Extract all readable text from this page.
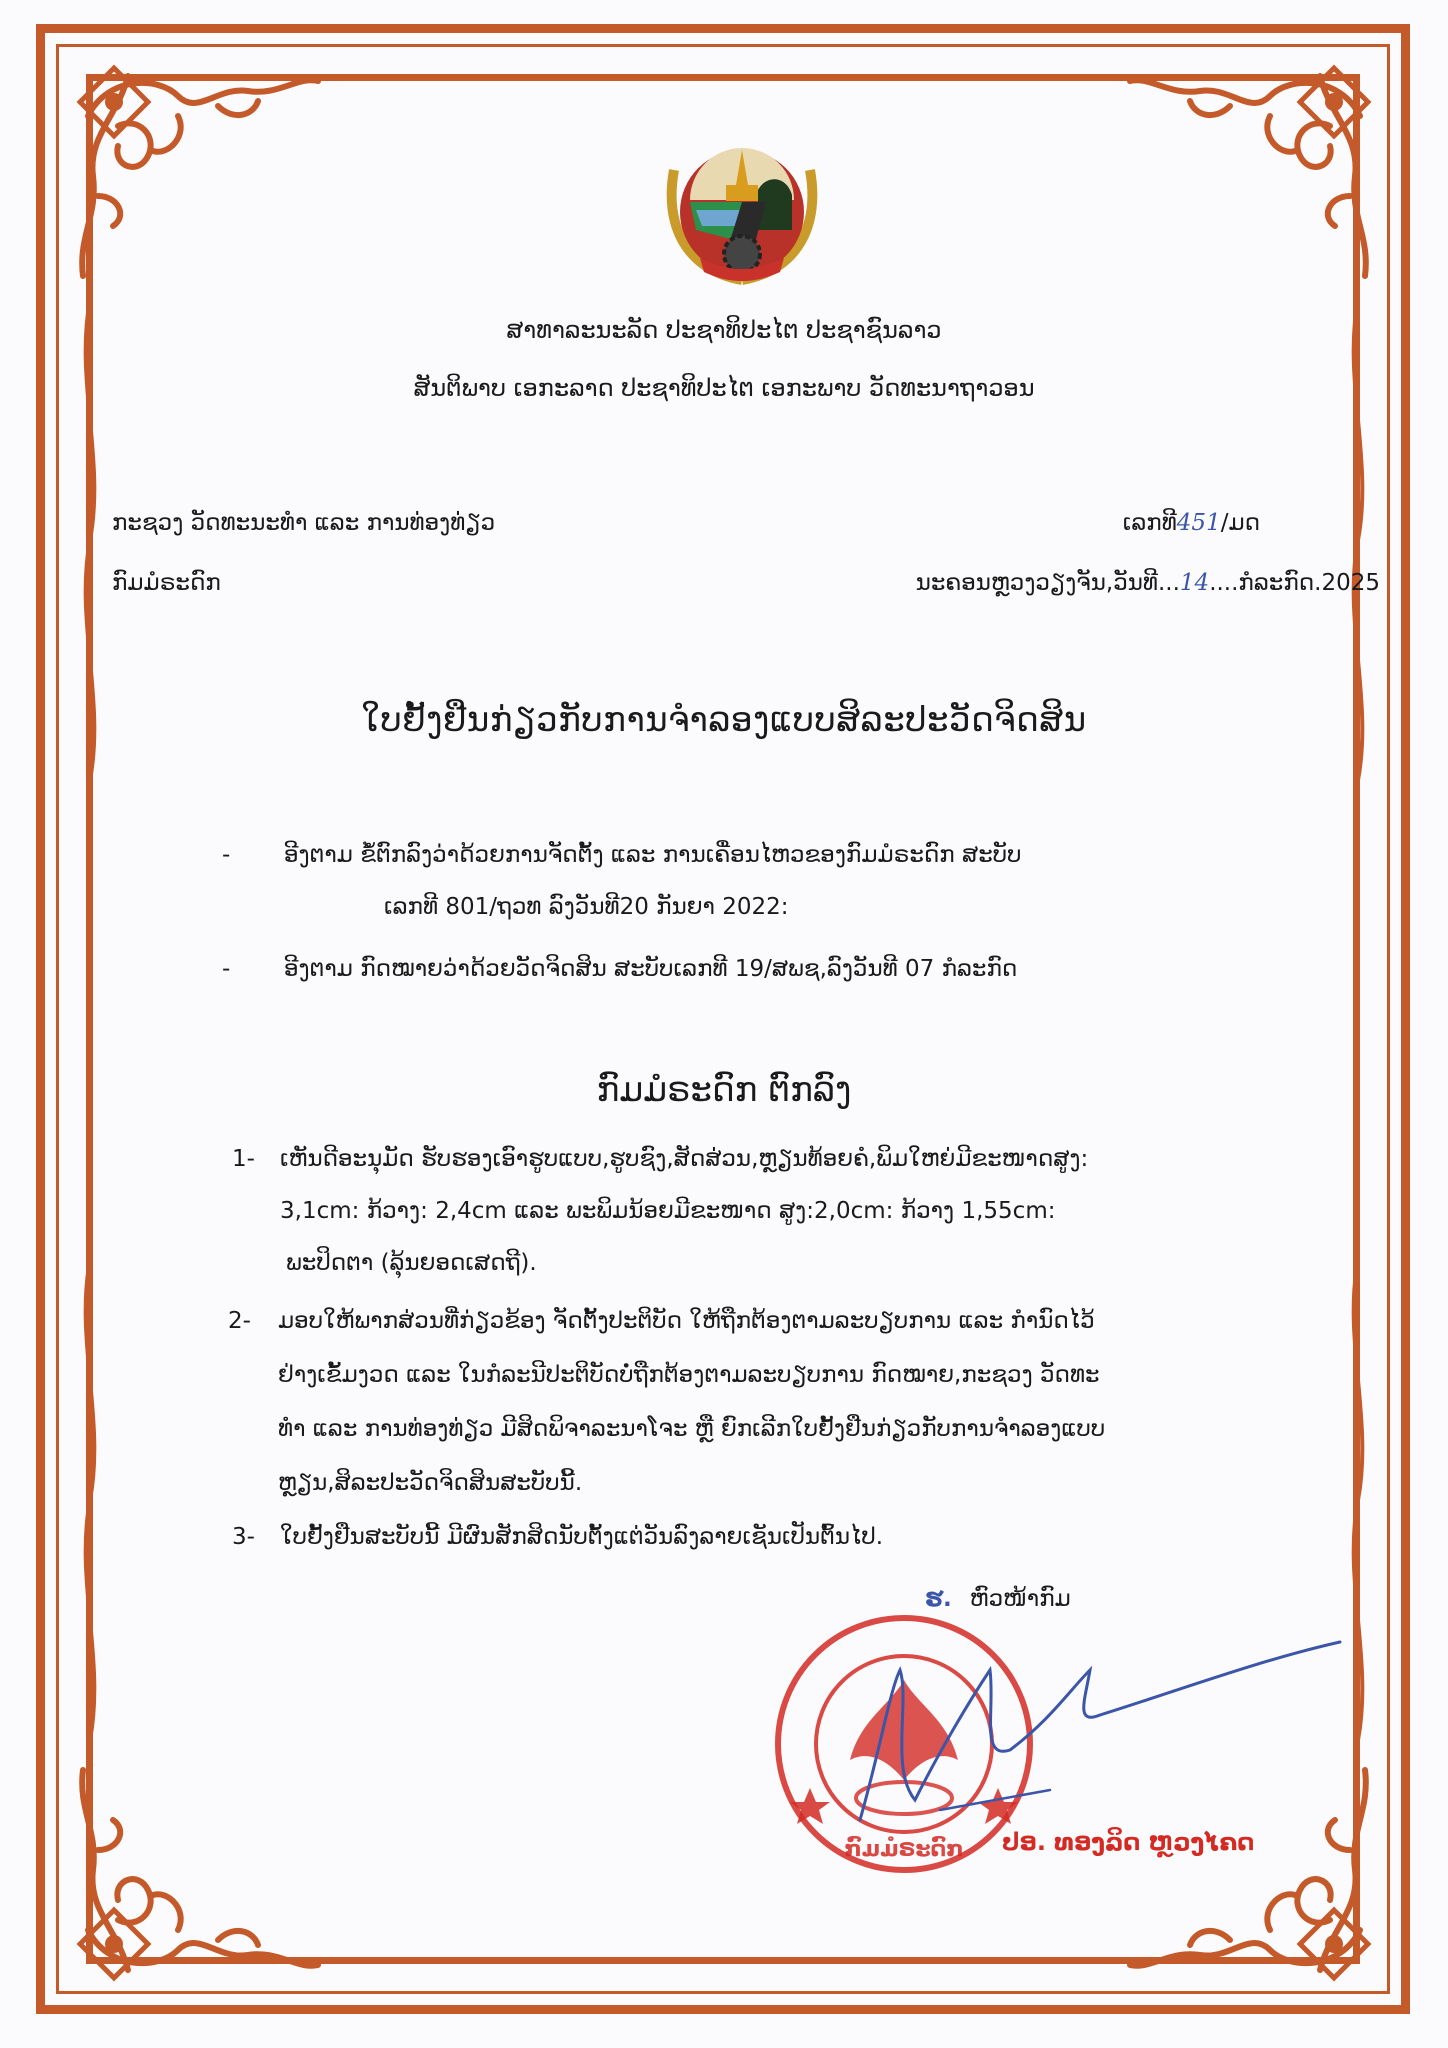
ສາທາລະນະລັດ ປະຊາທິປະໄຕ ປະຊາຊົນລາວ
ສັນຕິພາບ ເອກະລາດ ປະຊາທິປະໄຕ ເອກະພາບ ວັດທະນາຖາວອນ
ກະຊວງ ວັດທະນະທຳ ແລະ ການທ່ອງທ່ຽວ
ກົມມໍຣະດົກ
ເລກທີ451/ມດ
ນະຄອນຫຼວງວຽງຈັນ,ວັນທີ...14....ກໍລະກົດ.2025
ໃບຢັ້ງຢືນກ່ຽວກັບການຈຳລອງແບບສິລະປະວັດຈິດສິນ
- ອີງຕາມ ຂໍ້ຕົກລົງວ່າດ້ວຍການຈັດຕັ້ງ ແລະ ການເຄື່ອນໄຫວຂອງກົມມໍຣະດົກ ສະບັບ
ເລກທີ 801/ຖວທ ລົງວັນທີ20 ກັນຍາ 2022:
- ອີງຕາມ ກົດໝາຍວ່າດ້ວຍວັດຈິດສິນ ສະບັບເລກທີ 19/ສພຊ,ລົງວັນທີ 07 ກໍລະກົດ
ກົມມໍຣະດົກ ຕົກລົງ
1- ເຫັນດີອະນຸມັດ ຮັບຮອງເອົາຮູບແບບ,ຮູບຊົງ,ສັດສ່ວນ,ຫຼຽນທ້ອຍຄໍ,ພິມໃຫຍ່ມີຂະໜາດສູງ:
3,1cm: ກ້ວາງ: 2,4cm ແລະ ພະພິມນ້ອຍມີຂະໜາດ ສູງ:2,0cm: ກ້ວາງ 1,55cm:
ພະປິດຕາ (ລຸ້ນຍອດເສດຖີ).
2- ມອບໃຫ້ພາກສ່ວນທີ່ກ່ຽວຂ້ອງ ຈັດຕັ້ງປະຕິບັດ ໃຫ້ຖືກຕ້ອງຕາມລະບຽບການ ແລະ ກຳນົດໄວ້
ຢ່າງເຂັ້ມງວດ ແລະ ໃນກໍລະນີປະຕິບັດບໍ່ຖືກຕ້ອງຕາມລະບຽບການ ກົດໝາຍ,ກະຊວງ ວັດທະ
ທຳ ແລະ ການທ່ອງທ່ຽວ ມີສິດພິຈາລະນາໂຈະ ຫຼື ຍົກເລີກໃບຢັ້ງຢືນກ່ຽວກັບການຈຳລອງແບບ
ຫຼຽນ,ສິລະປະວັດຈິດສິນສະບັບນີ້.
3- ໃບຢັ້ງຢືນສະບັບນີ້ ມີຜົນສັກສິດນັບຕັ້ງແຕ່ວັນລົງລາຍເຊັນເປັນຕົ້ນໄປ.
ຮ. ຫົວໜ້າກົມ
ກົມມໍຣະດົກ ປອ. ທອງລິດ ຫຼວງໄຄດ
